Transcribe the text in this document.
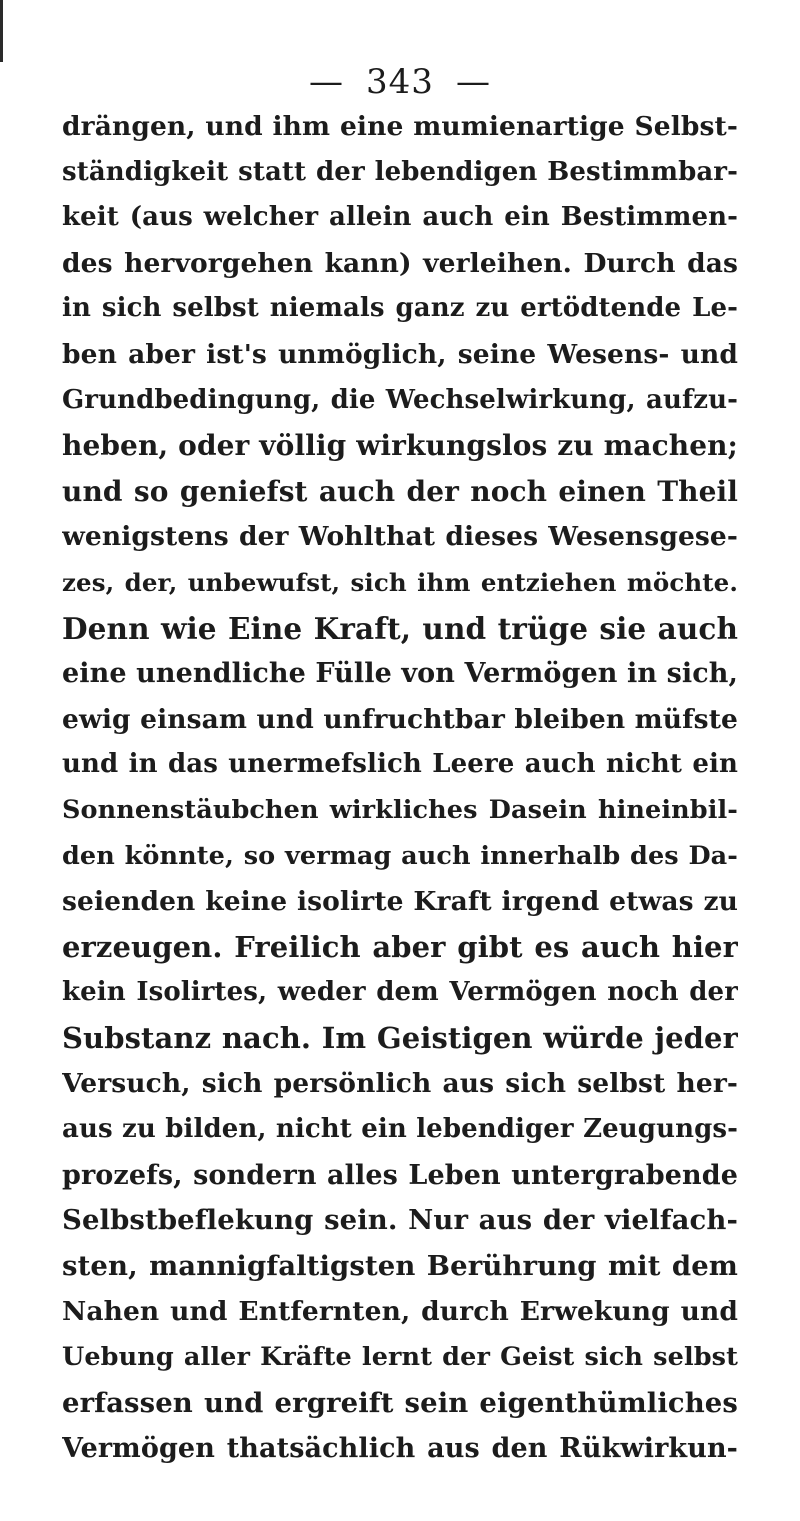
— 343 —
drängen, und ihm eine mumienartige Selbst-
ständigkeit statt der lebendigen Bestimmbar-
keit (aus welcher allein auch ein Bestimmen-
des hervorgehen kann) verleihen. Durch das
in sich selbst niemals ganz zu ertödtende Le-
ben aber ist's unmöglich, seine Wesens- und
Grundbedingung, die Wechselwirkung, aufzu-
heben, oder völlig wirkungslos zu machen;
und so geniefst auch der noch einen Theil
wenigstens der Wohlthat dieses Wesensgese-
zes, der, unbewufst, sich ihm entziehen möchte.
Denn wie Eine Kraft, und trüge sie auch
eine unendliche Fülle von Vermögen in sich,
ewig einsam und unfruchtbar bleiben müfste
und in das unermefslich Leere auch nicht ein
Sonnenstäubchen wirkliches Dasein hineinbil-
den könnte, so vermag auch innerhalb des Da-
seienden keine isolirte Kraft irgend etwas zu
erzeugen. Freilich aber gibt es auch hier
kein Isolirtes, weder dem Vermögen noch der
Substanz nach. Im Geistigen würde jeder
Versuch, sich persönlich aus sich selbst her-
aus zu bilden, nicht ein lebendiger Zeugungs-
prozefs, sondern alles Leben untergrabende
Selbstbeflekung sein. Nur aus der vielfach-
sten, mannigfaltigsten Berührung mit dem
Nahen und Entfernten, durch Erwekung und
Uebung aller Kräfte lernt der Geist sich selbst
erfassen und ergreift sein eigenthümliches
Vermögen thatsächlich aus den Rükwirkun-
